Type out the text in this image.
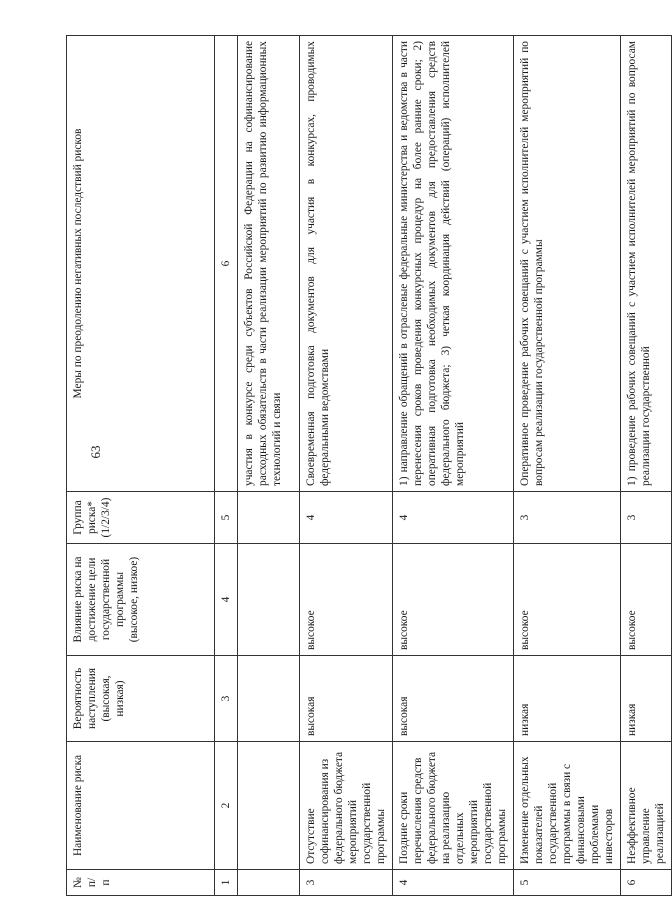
63
№ п/п	Наименование риска	Вероятность наступления (высокая, низкая)	Влияние риска на достижение цели государственной программы (высокое, низкое)	Группа риска* (1/2/3/4)	Меры по преодолению негативных последствий рисков
1	2	3	4	5	6
					участия в конкурсе среди субъектов Российской Федерации на софинансирование расходных обязательств в части реализации мероприятий по развитию информационных технологий и связи
3	Отсутствие софинансирования из федерального бюджета мероприятий государственной программы	высокая	высокое	4	Своевременная подготовка документов для участия в конкурсах, проводимых федеральными ведомствами
4	Поздние сроки перечисления средств федерального бюджета на реализацию отдельных мероприятий государственной программы	высокая	высокое	4	1) направление обращений в отраслевые федеральные министерства и ведомства в части перенесения сроков проведения конкурсных процедур на более ранние сроки; 2) оперативная подготовка необходимых документов для предоставления средств федерального бюджета; 3) четкая координация действий (операций) исполнителей мероприятий
5	Изменение отдельных показателей государственной программы в связи с финансовыми проблемами инвесторов	низкая	высокое	3	Оперативное проведение рабочих совещаний с участием исполнителей мероприятий по вопросам реализации государственной программы
6	Неэффективное управление реализацией	низкая	высокое	3	1) проведение рабочих совещаний с участием исполнителей мероприятий по вопросам реализации государственной
